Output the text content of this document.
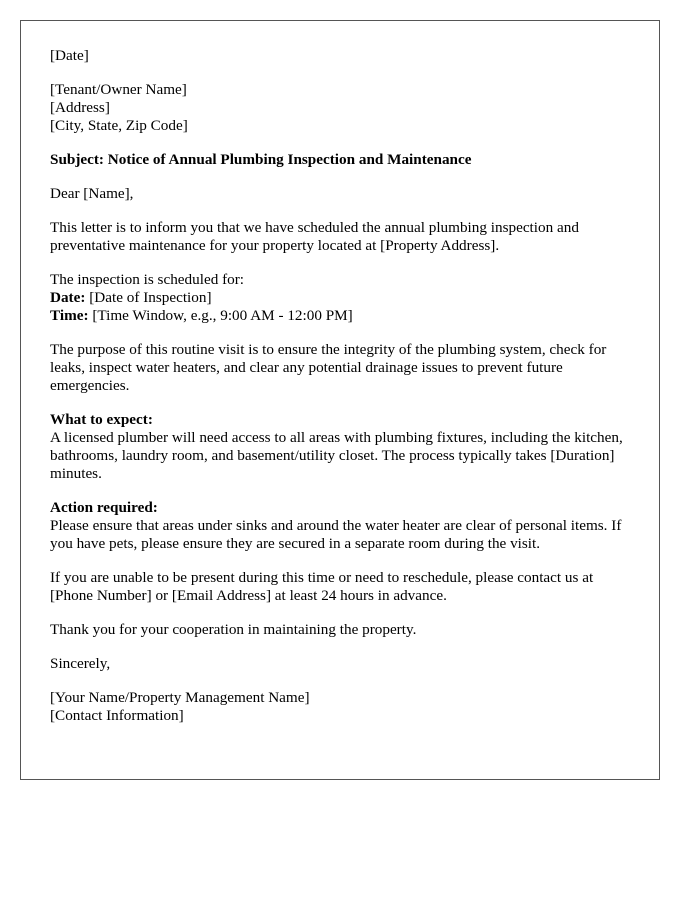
[Date]
[Tenant/Owner Name]
[Address]
[City, State, Zip Code]
Subject: Notice of Annual Plumbing Inspection and Maintenance
Dear [Name],
This letter is to inform you that we have scheduled the annual plumbing inspection and preventative maintenance for your property located at [Property Address].
The inspection is scheduled for:
Date: [Date of Inspection]
Time: [Time Window, e.g., 9:00 AM - 12:00 PM]
The purpose of this routine visit is to ensure the integrity of the plumbing system, check for leaks, inspect water heaters, and clear any potential drainage issues to prevent future emergencies.
What to expect:
A licensed plumber will need access to all areas with plumbing fixtures, including the kitchen, bathrooms, laundry room, and basement/utility closet. The process typically takes [Duration] minutes.
Action required:
Please ensure that areas under sinks and around the water heater are clear of personal items. If you have pets, please ensure they are secured in a separate room during the visit.
If you are unable to be present during this time or need to reschedule, please contact us at [Phone Number] or [Email Address] at least 24 hours in advance.
Thank you for your cooperation in maintaining the property.
Sincerely,
[Your Name/Property Management Name]
[Contact Information]
